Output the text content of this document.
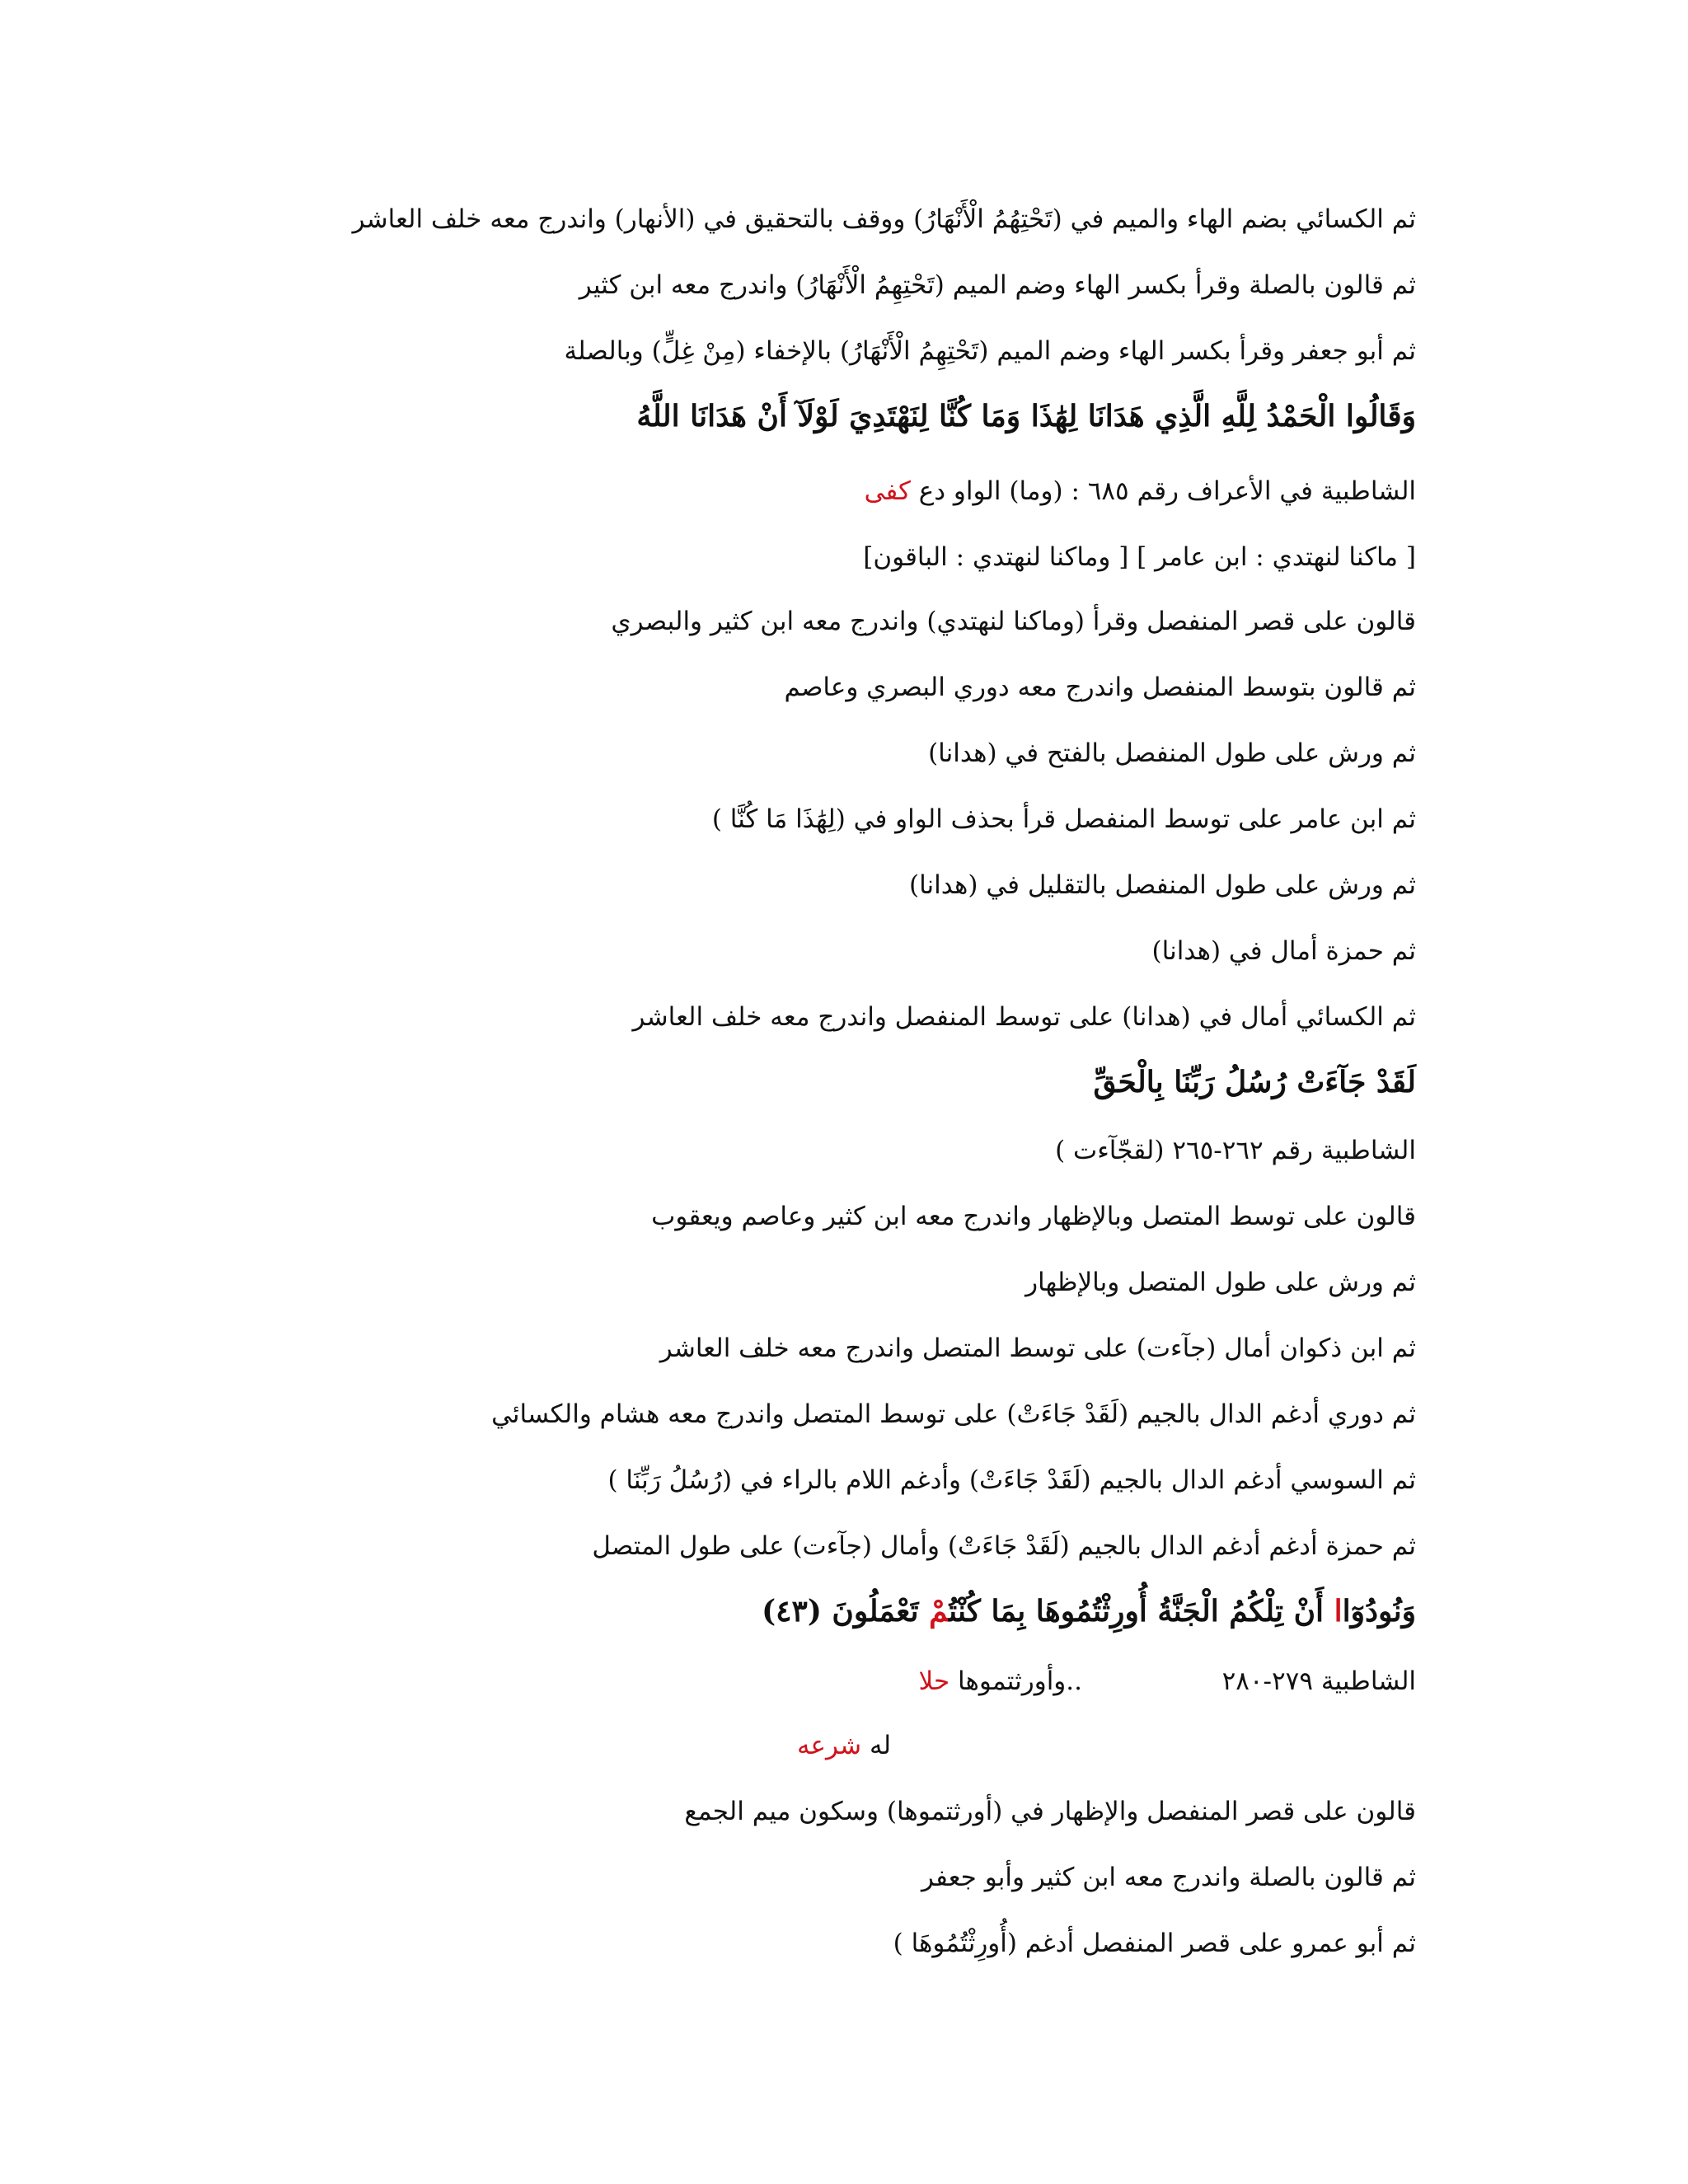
ثم الكسائي بضم الهاء والميم في (تَحْتِهُمُ الْأَنْهَارُ) ووقف بالتحقيق في (الأنهار) واندرج معه خلف العاشر
ثم قالون بالصلة وقرأ بكسر الهاء وضم الميم (تَحْتِهِمُ الْأَنْهَارُ) واندرج معه ابن كثير
ثم أبو جعفر وقرأ بكسر الهاء وضم الميم (تَحْتِهِمُ الْأَنْهَارُ) بالإخفاء (مِنْ غِلٍّ) وبالصلة
وَقَالُوا الْحَمْدُ لِلَّهِ الَّذِي هَدَانَا لِهَٰذَا وَمَا كُنَّا لِنَهْتَدِيَ لَوْلَآ أَنْ هَدَانَا اللَّهُ
الشاطبية في الأعراف رقم ٦٨٥ : (وما) الواو دع كفى
[ ماكنا لنهتدي : ابن عامر ] [ وماكنا لنهتدي : الباقون]
قالون على قصر المنفصل وقرأ (وماكنا لنهتدي) واندرج معه ابن كثير والبصري
ثم قالون بتوسط المنفصل واندرج معه دوري البصري وعاصم
ثم ورش على طول المنفصل بالفتح في (هدانا)
ثم ابن عامر على توسط المنفصل قرأ بحذف الواو في (لِهَٰذَا مَا كُنَّا )
ثم ورش على طول المنفصل بالتقليل في (هدانا)
ثم حمزة أمال في (هدانا)
ثم الكسائي أمال في (هدانا) على توسط المنفصل واندرج معه خلف العاشر
لَقَدْ جَآءَتْ رُسُلُ رَبِّنَا بِالْحَقِّ
الشاطبية رقم ٢٦٢-٢٦٥ (لقجّآءت )
قالون على توسط المتصل وبالإظهار واندرج معه ابن كثير وعاصم ويعقوب
ثم ورش على طول المتصل وبالإظهار
ثم ابن ذكوان أمال (جآءت) على توسط المتصل واندرج معه خلف العاشر
ثم دوري أدغم الدال بالجيم (لَقَدْ جَاءَتْ) على توسط المتصل واندرج معه هشام والكسائي
ثم السوسي أدغم الدال بالجيم (لَقَدْ جَاءَتْ) وأدغم اللام بالراء في (رُسُلُ رَبِّنَا )
ثم حمزة أدغم أدغم الدال بالجيم (لَقَدْ جَاءَتْ) وأمال (جآءت) على طول المتصل
وَنُودُوٓاا أَنْ تِلْكُمُ الْجَنَّةُ أُورِثْتُمُوهَا بِمَا كُنْتُمْ تَعْمَلُونَ (٤٣)
الشاطبية ٢٧٩-٢٨٠
..وأورثتموها حلا
له شرعه
قالون على قصر المنفصل والإظهار في (أورثتموها) وسكون ميم الجمع
ثم قالون بالصلة واندرج معه ابن كثير وأبو جعفر
ثم أبو عمرو على قصر المنفصل أدغم (أُورِثْتُمُوهَا )
